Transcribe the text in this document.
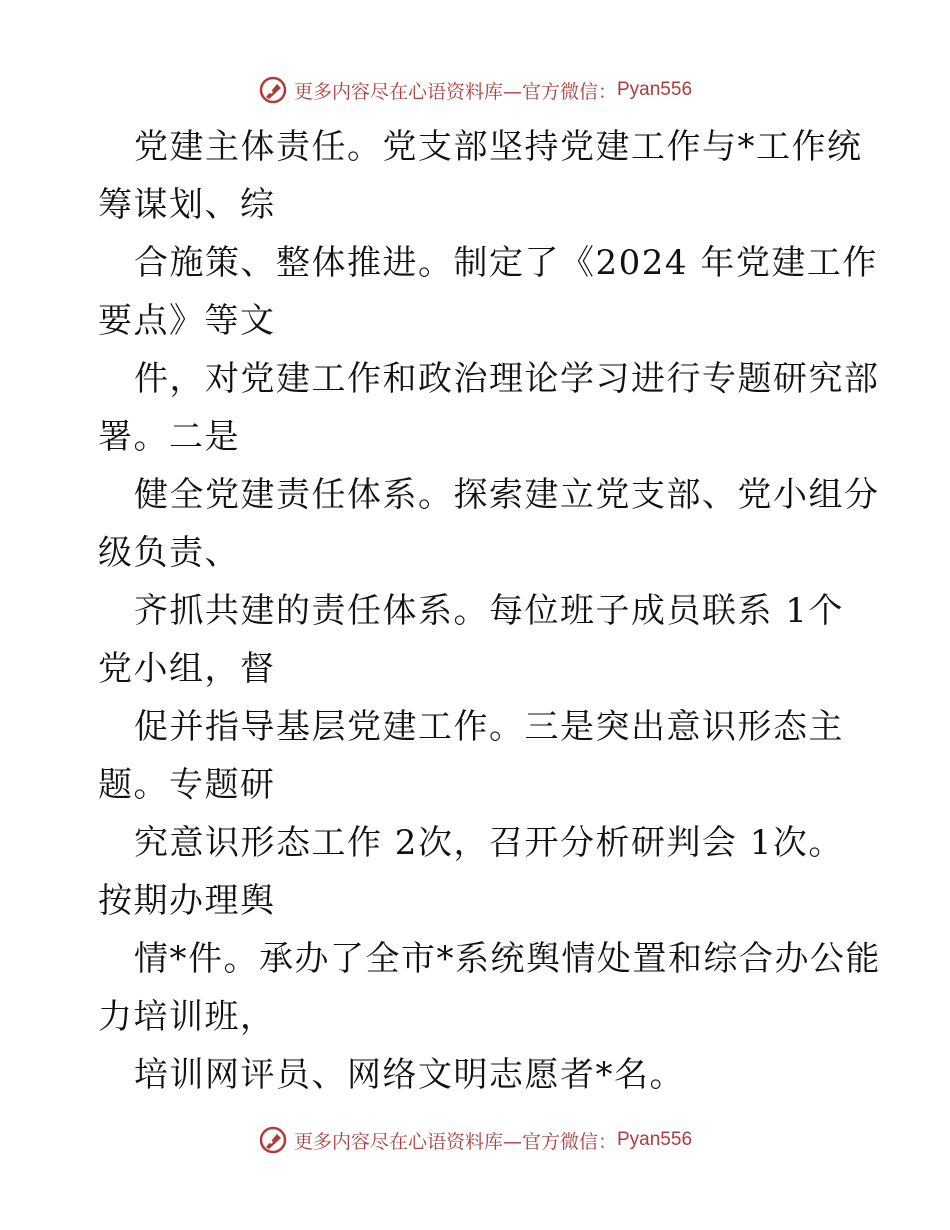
更多内容尽在心语资料库—官方微信： Pyan556
党建主体责任。党支部坚持党建工作与*工作统
筹谋划、综
合施策、整体推进。制定了《2024 年党建工作
要点》等文
件，对党建工作和政治理论学习进行专题研究部
署。二是
健全党建责任体系。探索建立党支部、党小组分
级负责、
齐抓共建的责任体系。每位班子成员联系 1个
党小组，督
促并指导基层党建工作。三是突出意识形态主
题。专题研
究意识形态工作 2次，召开分析研判会 1次。
按期办理舆
情*件。承办了全市*系统舆情处置和综合办公能
力培训班，
培训网评员、网络文明志愿者*名。
更多内容尽在心语资料库—官方微信： Pyan556
